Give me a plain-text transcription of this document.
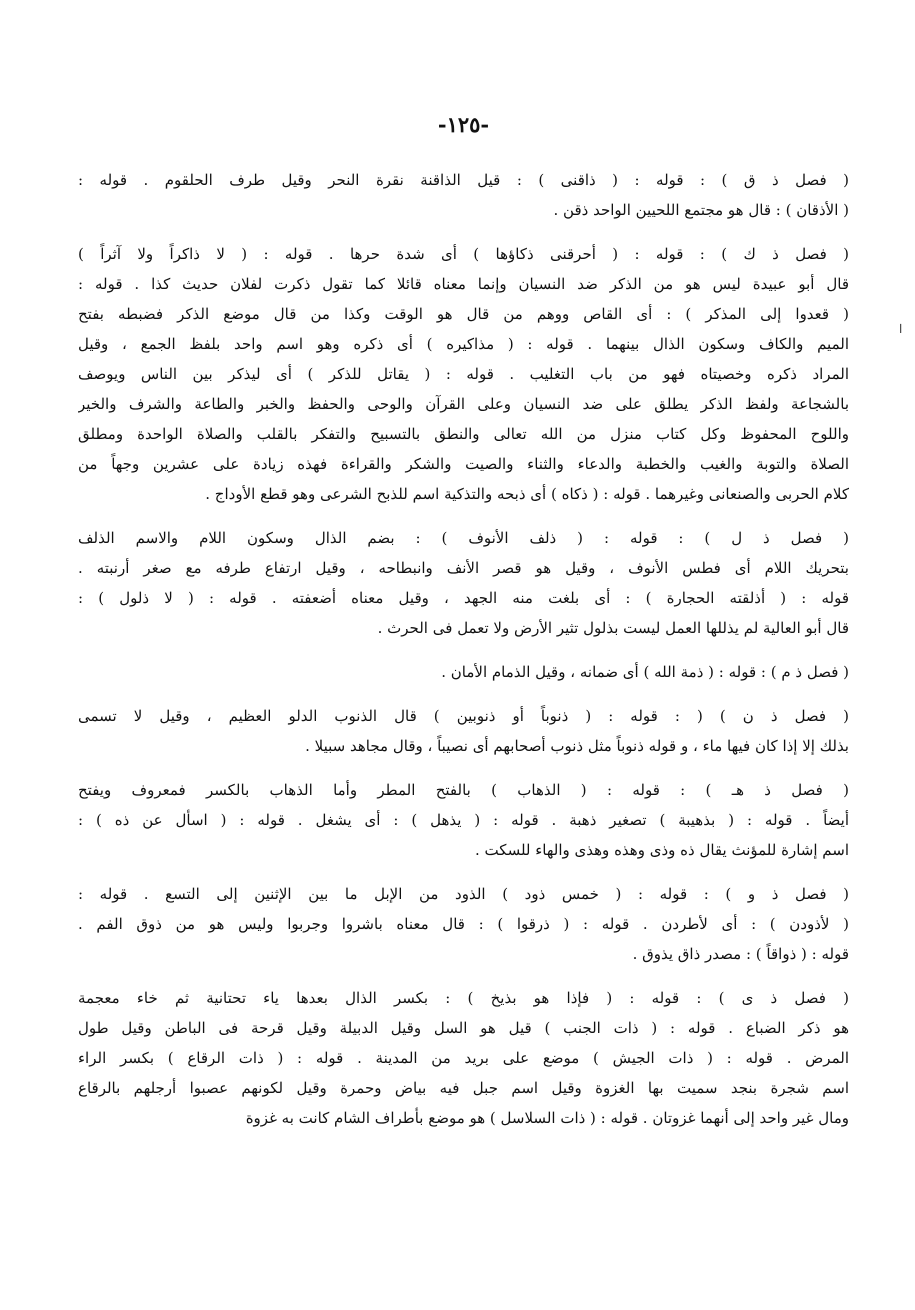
-١٢٥-
ا
( فصل ذ ق ) : قوله : ( ذاقنى ) : قيل الذاقنة نقرة النحر وقيل طرف الحلقوم . قوله :
( الأذقان ) : قال هو مجتمع اللحيين الواحد ذقن .
( فصل ذ ك ) : قوله : ( أحرقنى ذكاؤها ) أى شدة حرها . قوله : ( لا ذاكراً ولا آثراً )
قال أبو عبيدة ليس هو من الذكر ضد النسيان وإنما معناه قائلا كما تقول ذكرت لفلان حديث كذا . قوله :
( قعدوا إلى المذكر ) : أى القاص ووهم من قال هو الوقت وكذا من قال موضع الذكر فضبطه بفتح
الميم والكاف وسكون الذال بينهما . قوله : ( مذاكيره ) أى ذكره وهو اسم واحد بلفظ الجمع ، وقيل
المراد ذكره وخصيتاه فهو من باب التغليب . قوله : ( يقاتل للذكر ) أى ليذكر بين الناس ويوصف
بالشجاعة ولفظ الذكر يطلق على ضد النسيان وعلى القرآن والوحى والحفظ والخبر والطاعة والشرف والخير
واللوح المحفوظ وكل كتاب منزل من الله تعالى والنطق بالتسبيح والتفكر بالقلب والصلاة الواحدة ومطلق
الصلاة والتوبة والغيب والخطبة والدعاء والثناء والصيت والشكر والقراءة فهذه زيادة على عشرين وجهاً من
كلام الحربى والصنعانى وغيرهما . قوله : ( ذكاه ) أى ذبحه والتذكية اسم للذبح الشرعى وهو قطع الأوداج .
( فصل ذ ل ) : قوله : ( ذلف الأنوف ) : بضم الذال وسكون اللام والاسم الذلف
بتحريك اللام أى فطس الأنوف ، وقيل هو قصر الأنف وانبطاحه ، وقيل ارتفاع طرفه مع صغر أرنبته .
قوله : ( أذلقته الحجارة ) : أى بلغت منه الجهد ، وقيل معناه أضعفته . قوله : ( لا ذلول ) :
قال أبو العالية لم يذللها العمل ليست بذلول تثير الأرض ولا تعمل فى الحرث .
( فصل ذ م ) : قوله : ( ذمة الله ) أى ضمانه ، وقيل الذمام الأمان .
( فصل ذ ن ) ( : قوله : ( ذنوباً أو ذنوبين ) قال الذنوب الدلو العظيم ، وقيل لا تسمى
بذلك إلا إذا كان فيها ماء ، و قوله ذنوباً مثل ذنوب أصحابهم أى نصيباً ، وقال مجاهد سبيلا .
( فصل ذ هـ ) : قوله : ( الذهاب ) بالفتح المطر وأما الذهاب بالكسر فمعروف ويفتح
أيضاً . قوله : ( بذهيبة ) تصغير ذهبة . قوله : ( يذهل ) : أى يشغل . قوله : ( اسأل عن ذه ) :
اسم إشارة للمؤنث يقال ذه وذى وهذه وهذى والهاء للسكت .
( فصل ذ و ) : قوله : ( خمس ذود ) الذود من الإبل ما بين الإثنين إلى التسع . قوله :
( لأذودن ) : أى لأطردن . قوله : ( ذرقوا ) : قال معناه باشروا وجربوا وليس هو من ذوق الفم .
قوله : ( ذواقاً ) : مصدر ذاق يذوق .
( فصل ذ ى ) : قوله : ( فإذا هو بذيخ ) : بكسر الذال بعدها ياء تحتانية ثم خاء معجمة
هو ذكر الضباع . قوله : ( ذات الجنب ) قيل هو السل وقيل الدبيلة وقيل قرحة فى الباطن وقيل طول
المرض . قوله : ( ذات الجيش ) موضع على بريد من المدينة . قوله : ( ذات الرقاع ) بكسر الراء
اسم شجرة بنجد سميت بها الغزوة وقيل اسم جبل فيه بياض وحمرة وقيل لكونهم عصبوا أرجلهم بالرقاع
ومال غير واحد إلى أنهما غزوتان . قوله : ( ذات السلاسل ) هو موضع بأطراف الشام كانت به غزوة
